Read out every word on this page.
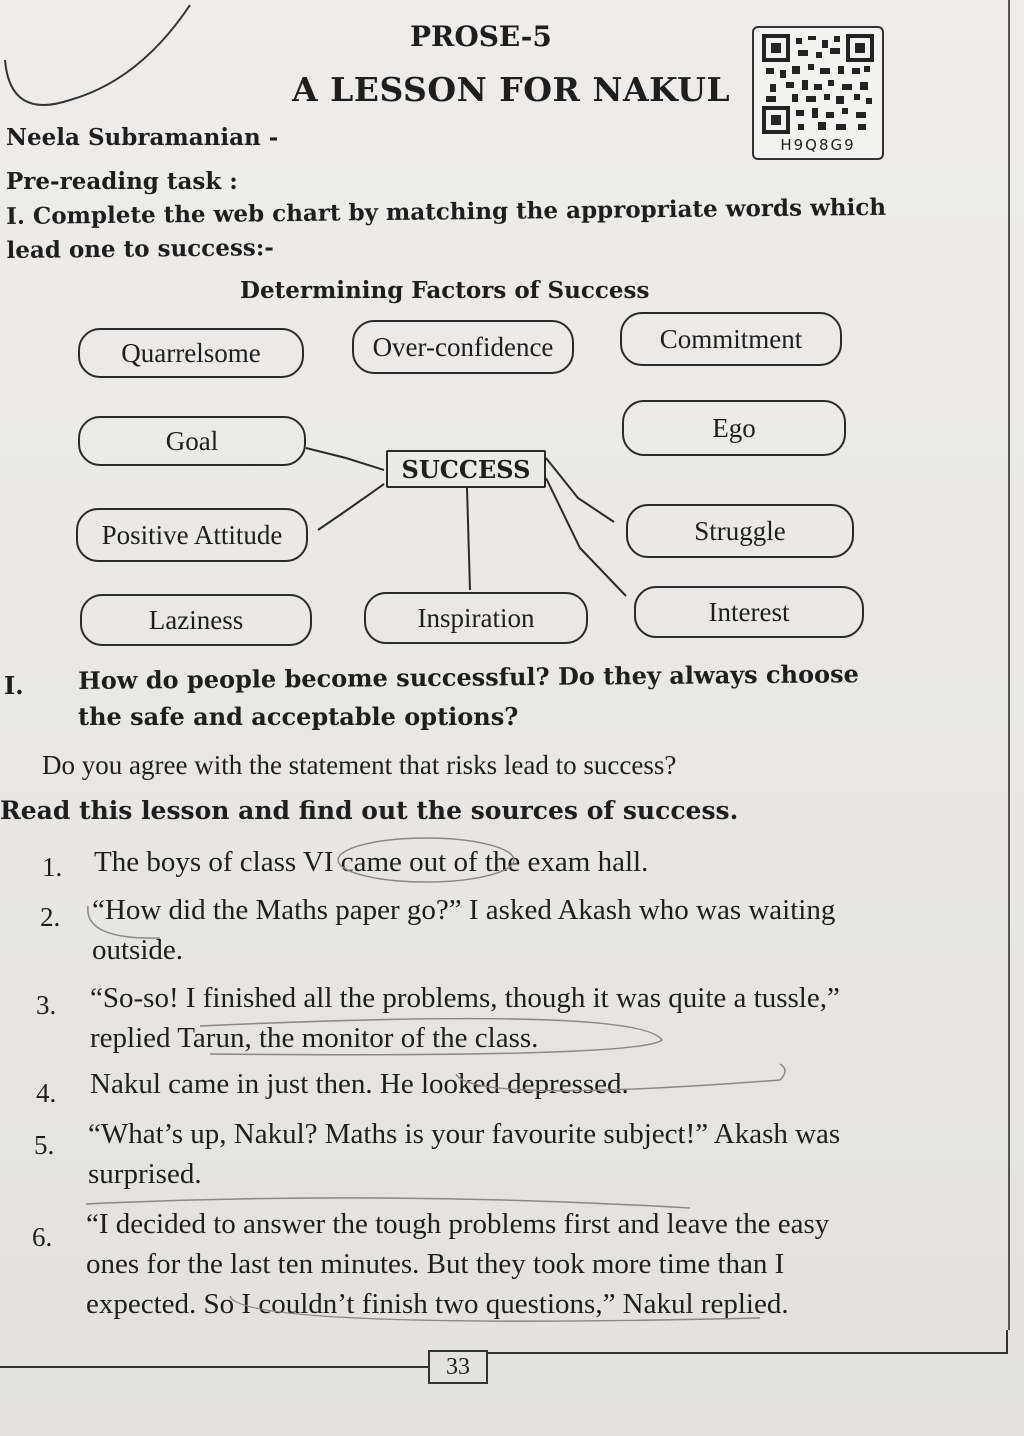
PROSE-5
A LESSON FOR NAKUL
Neela Subramanian -
Pre-reading task :
H9Q8G9
I. Complete the web chart by matching the appropriate words which
lead one to success:-
Determining Factors of Success
Quarrelsome	Over-confidence	Commitment
Goal	Ego
SUCCESS
Positive Attitude	Struggle
Laziness	Inspiration	Interest
I. How do people become successful? Do they always choose
the safe and acceptable options?
Do you agree with the statement that risks lead to success?
Read this lesson and find out the sources of success.
1. The boys of class VI came out of the exam hall.
2. “How did the Maths paper go?” I asked Akash who was waiting
outside.
3. “So-so! I finished all the problems, though it was quite a tussle,”
replied Tarun, the monitor of the class.
4. Nakul came in just then. He looked depressed.
5. “What’s up, Nakul? Maths is your favourite subject!” Akash was
surprised.
6. “I decided to answer the tough problems first and leave the easy
ones for the last ten minutes. But they took more time than I
expected. So I couldn’t finish two questions,” Nakul replied.
33
